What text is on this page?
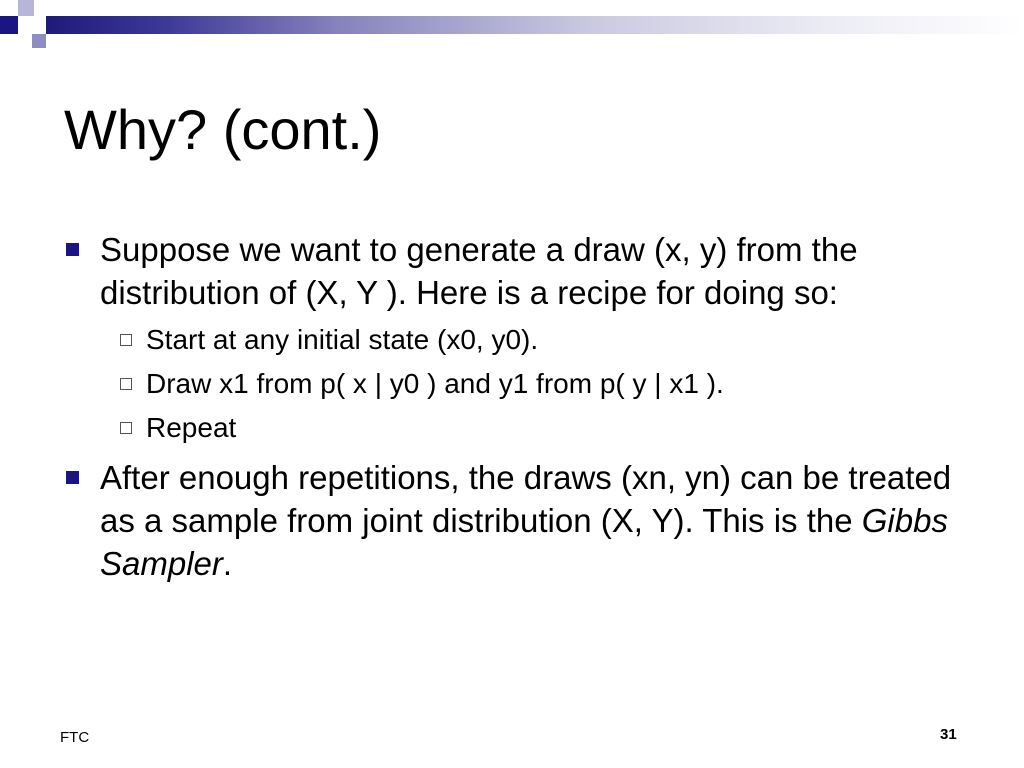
Why? (cont.)
Suppose we want to generate a draw (x, y) from the distribution of (X, Y ). Here is a recipe for doing so:
Start at any initial state (x0, y0).
Draw x1 from p( x | y0 ) and y1 from p( y | x1 ).
Repeat
After enough repetitions, the draws (xn, yn) can be treated as a sample from joint distribution (X, Y). This is the Gibbs Sampler.
FTC	31
